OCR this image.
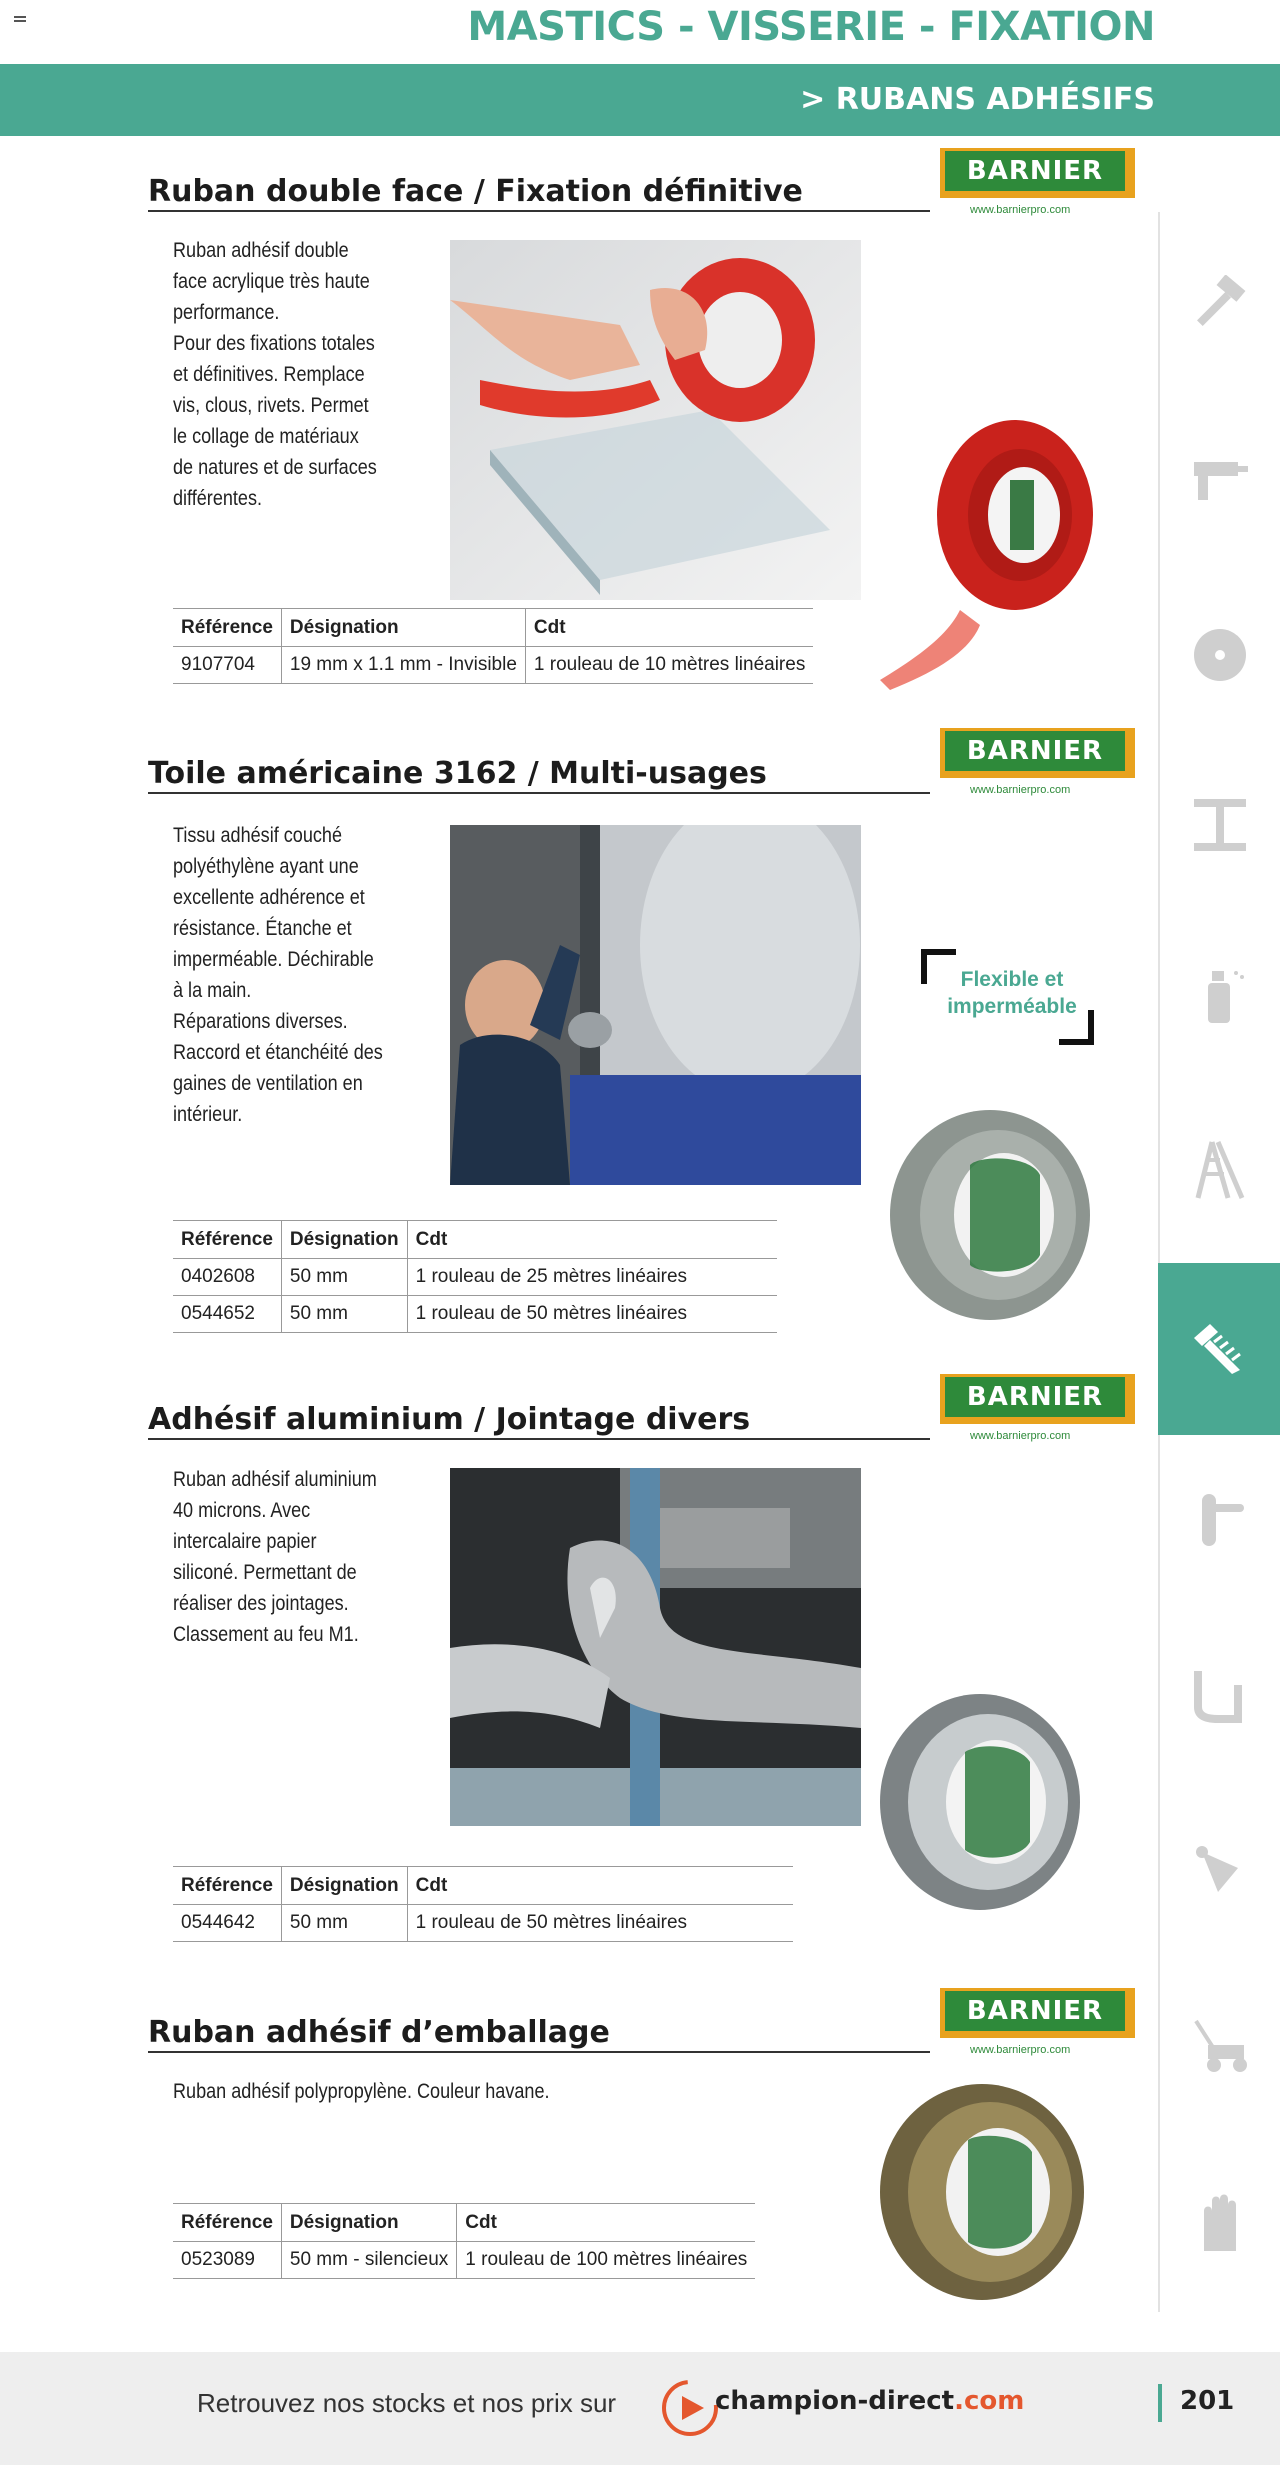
MASTICS - VISSERIE - FIXATION
> RUBANS ADHÉSIFS
Ruban double face / Fixation définitive
BARNIER
www.barnierpro.com
Ruban adhésif double
face acrylique très haute
performance.
Pour des fixations totales
et définitives. Remplace
vis, clous, rivets. Permet
le collage de matériaux
de natures et de surfaces
différentes.
Référence	Désignation	Cdt
9107704	19 mm x 1.1 mm - Invisible	1 rouleau de 10 mètres linéaires
Toile américaine 3162 / Multi-usages
BARNIER
www.barnierpro.com
Tissu adhésif couché
polyéthylène ayant une
excellente adhérence et
résistance. Étanche et
imperméable. Déchirable
à la main.
Réparations diverses.
Raccord et étanchéité des
gaines de ventilation en
intérieur.
Flexible et
imperméable
Référence	Désignation	Cdt
0402608	50 mm	1 rouleau de 25 mètres linéaires
0544652	50 mm	1 rouleau de 50 mètres linéaires
Adhésif aluminium / Jointage divers
BARNIER
www.barnierpro.com
Ruban adhésif aluminium
40 microns. Avec
intercalaire papier
siliconé. Permettant de
réaliser des jointages.
Classement au feu M1.
Référence	Désignation	Cdt
0544642	50 mm	1 rouleau de 50 mètres linéaires
Ruban adhésif d’emballage
BARNIER
www.barnierpro.com
Ruban adhésif polypropylène. Couleur havane.
Référence	Désignation	Cdt
0523089	50 mm - silencieux	1 rouleau de 100 mètres linéaires
Retrouvez nos stocks et nos prix sur	champion-direct.com	201
